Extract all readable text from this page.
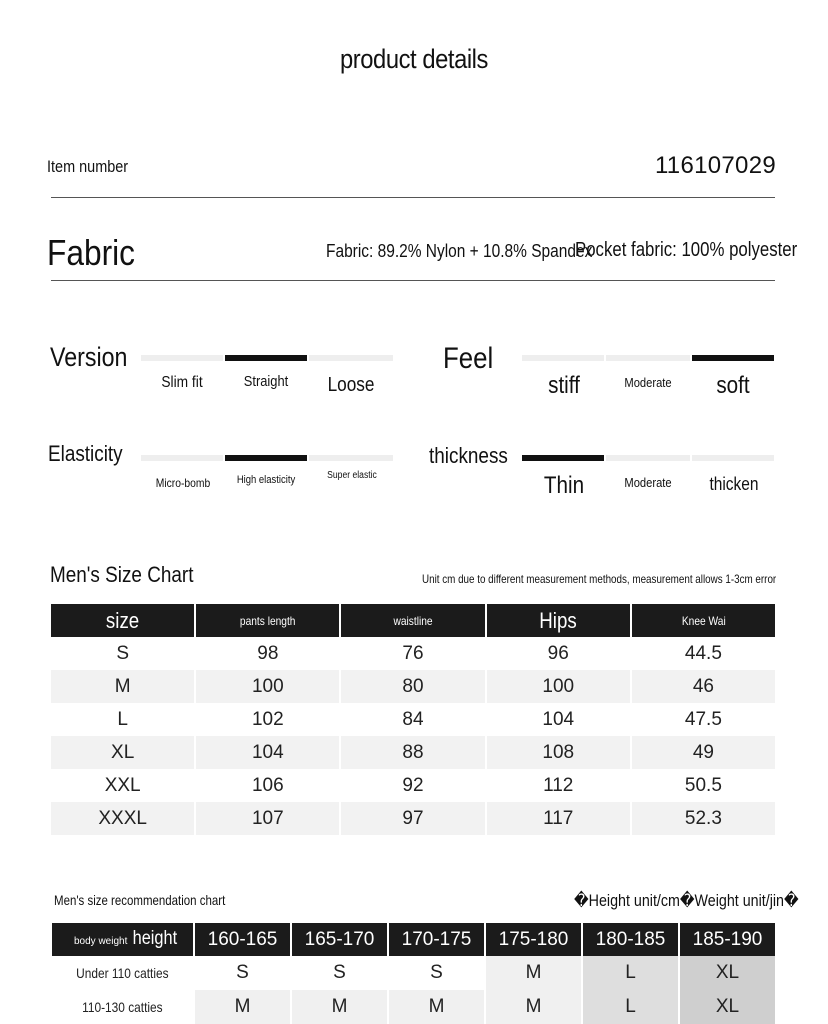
product details
Item number	116107029
Fabric	Fabric: 89.2% Nylon + 10.8% Spandex
Pocket fabric: 100% polyester
Version
Slim fit	Straight	Loose
Feel
stiff	Moderate	soft
Elasticity
Micro-bomb	High elasticity	Super elastic
thickness
Thin	Moderate	thicken
Men's Size Chart	Unit cm due to different measurement methods, measurement allows 1-3cm error
size	pants length	waistline	Hips	Knee Wai
S	98	76	96	44.5
M	100	80	100	46
L	102	84	104	47.5
XL	104	88	108	49
XXL	106	92	112	50.5
XXXL	107	97	117	52.3
Men's size recommendation chart	�Height unit/cm�Weight unit/jin�
body weight height	160-165	165-170	170-175	175-180	180-185	185-190
Under 110 catties	S	S	S	M	L	XL
110-130 catties	M	M	M	M	L	XL
